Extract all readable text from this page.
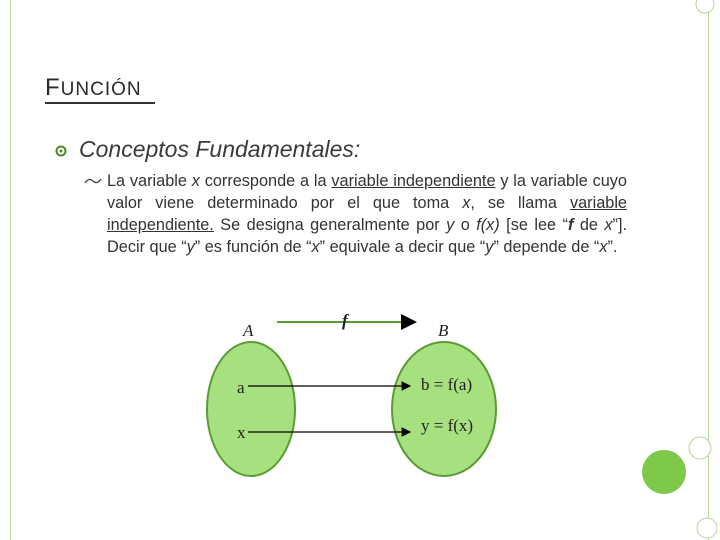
FUNCIÓN
Conceptos Fundamentales:
La variable x corresponde a la variable independiente y la variable cuyo valor viene determinado por el que toma x, se llama variable independiente. Se designa generalmente por y o f(x) [se lee “f de x”]. Decir que “y” es función de “x” equivale a decir que “y” depende de “x”.
A	B
f
a	b = f(a)
x	y = f(x)
